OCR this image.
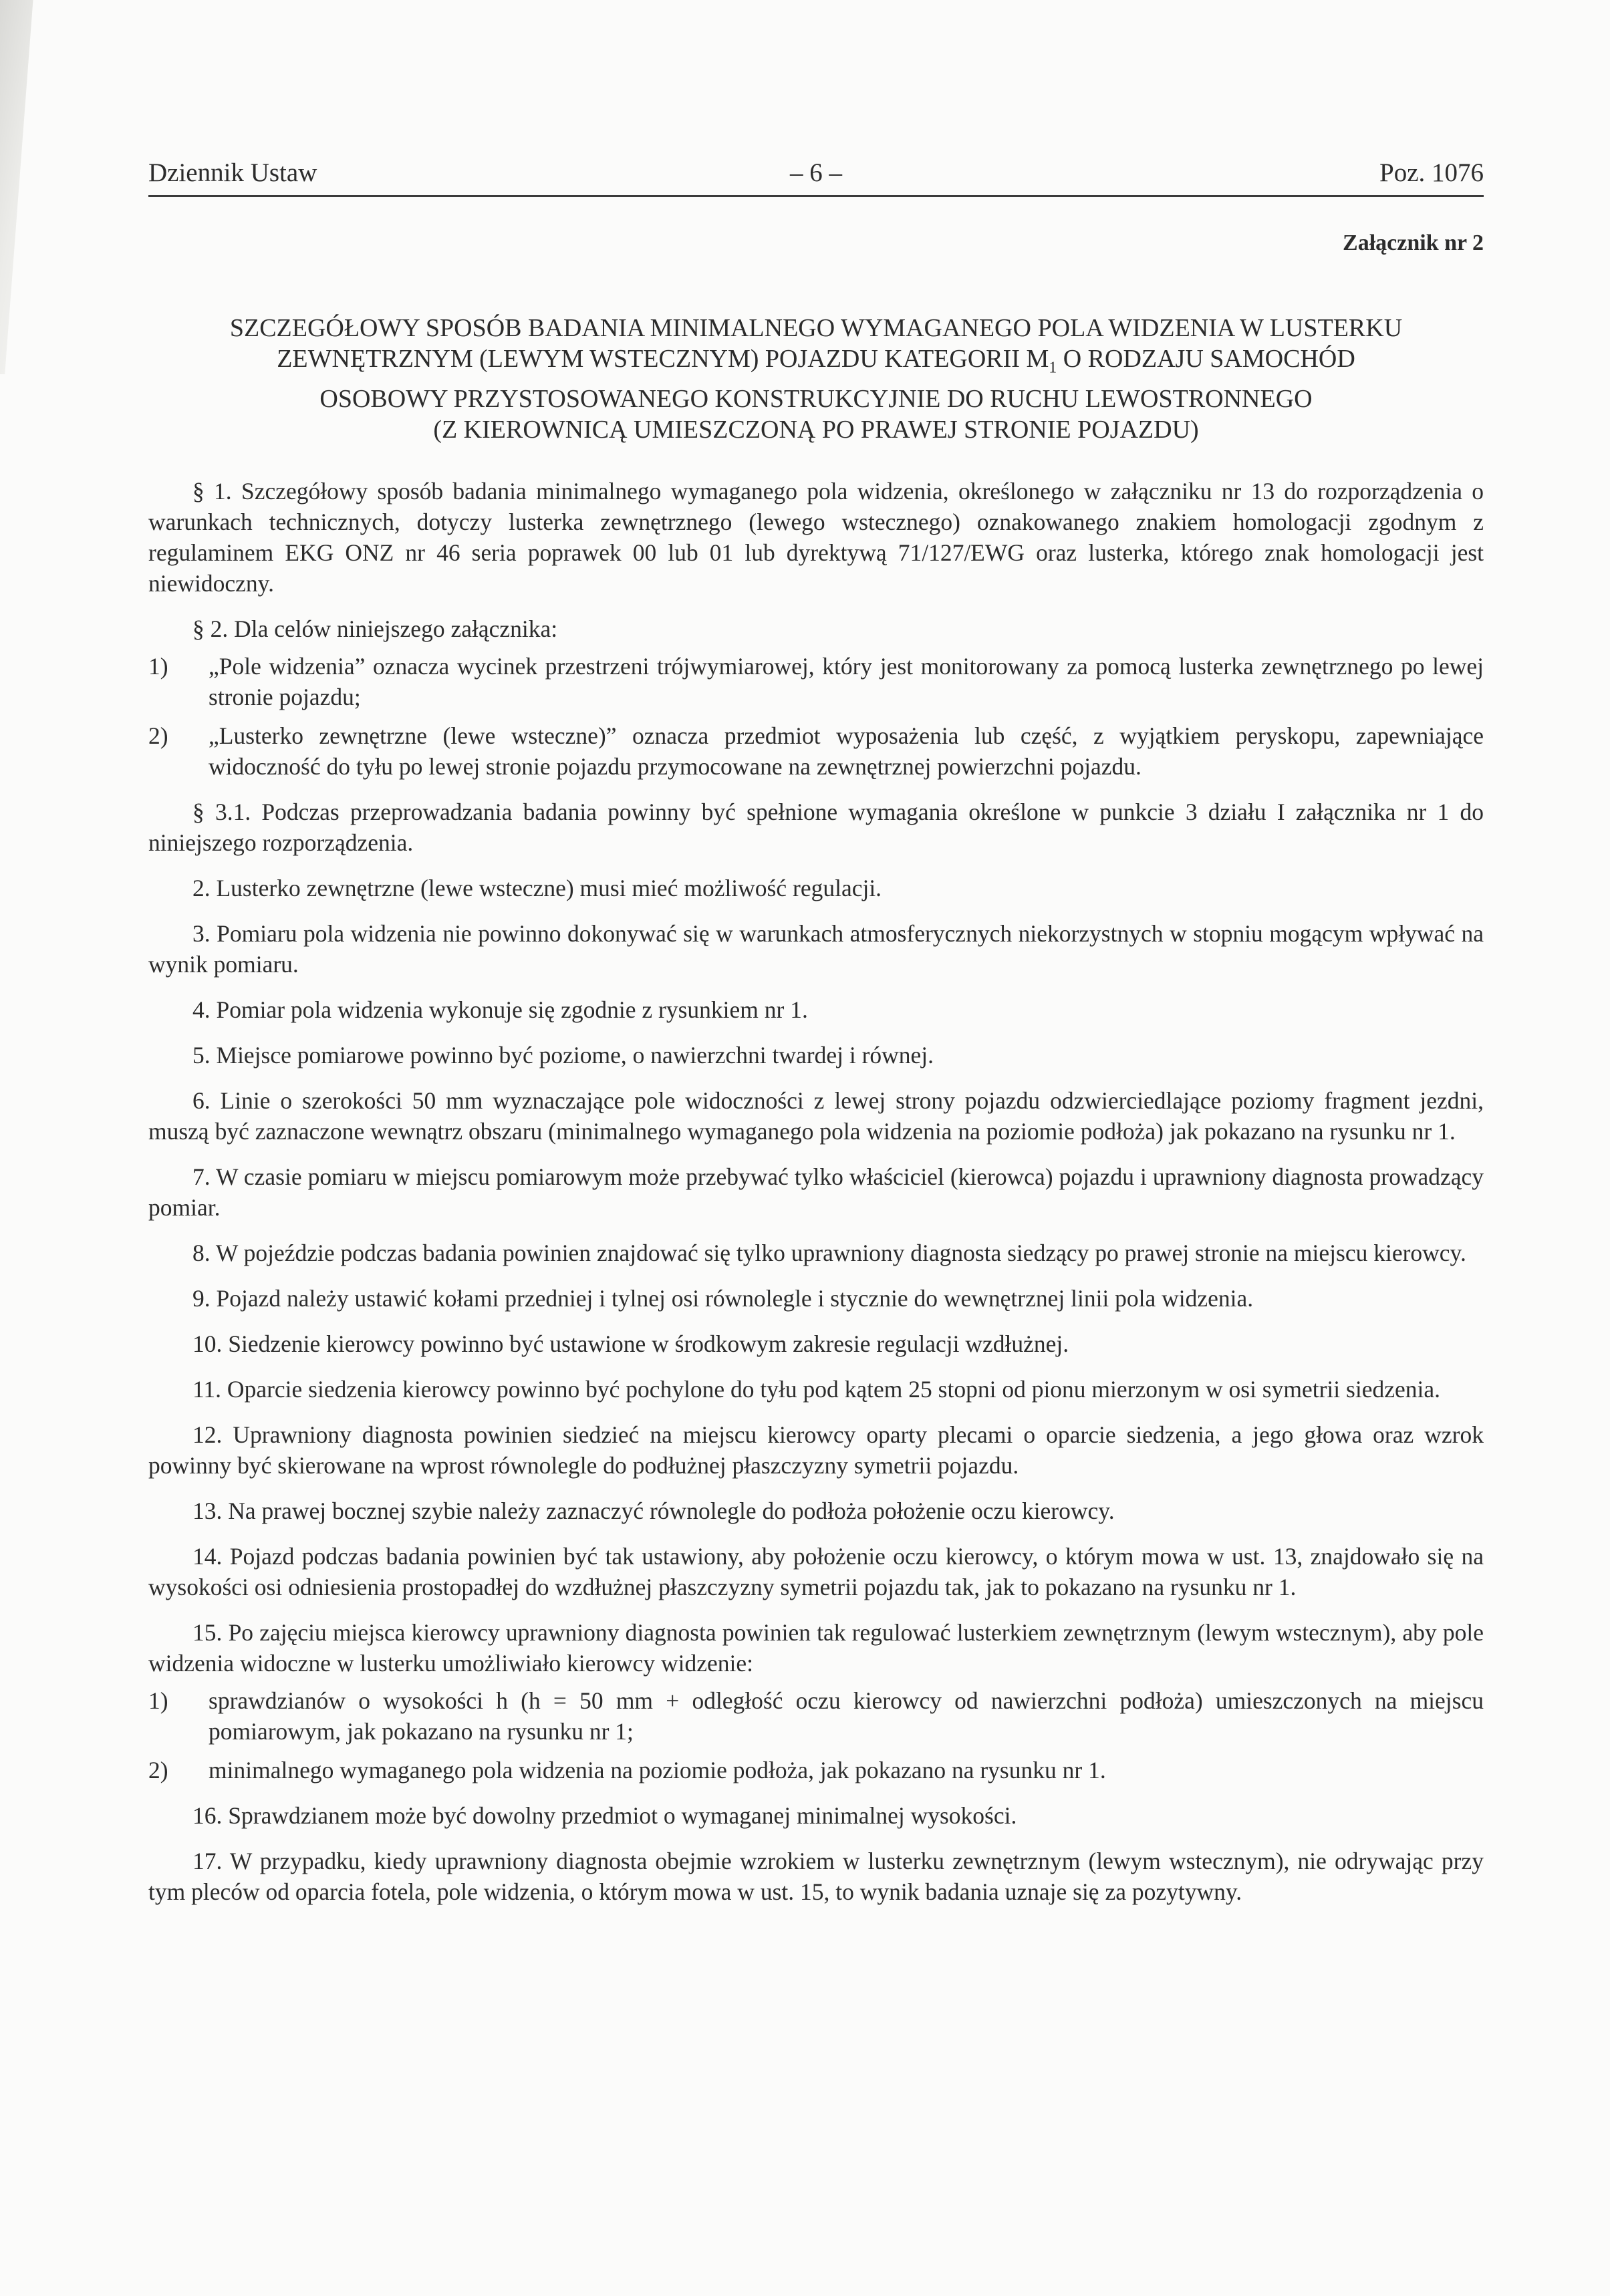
Dziennik Ustaw	– 6 –	Poz. 1076
Załącznik nr 2
SZCZEGÓŁOWY SPOSÓB BADANIA MINIMALNEGO WYMAGANEGO POLA WIDZENIA W LUSTERKU
ZEWNĘTRZNYM (LEWYM WSTECZNYM) POJAZDU KATEGORII $M_1$ O RODZAJU SAMOCHÓD
OSOBOWY PRZYSTOSOWANEGO KONSTRUKCYJNIE DO RUCHU LEWOSTRONNEGO
(Z KIEROWNICĄ UMIESZCZONĄ PO PRAWEJ STRONIE POJAZDU)

§ 1. Szczegółowy sposób badania minimalnego wymaganego pola widzenia, określonego w załączniku nr 13 do rozporządzenia o warunkach technicznych, dotyczy lusterka zewnętrznego (lewego wstecznego) oznakowanego znakiem homologacji zgodnym z regulaminem EKG ONZ nr 46 seria poprawek 00 lub 01 lub dyrektywą 71/127/EWG oraz lusterka, którego znak homologacji jest niewidoczny.

§ 2. Dla celów niniejszego załącznika:

1)	„Pole widzenia” oznacza wycinek przestrzeni trójwymiarowej, który jest monitorowany za pomocą lusterka zewnętrznego po lewej stronie pojazdu;
2)	„Lusterko zewnętrzne (lewe wsteczne)” oznacza przedmiot wyposażenia lub część, z wyjątkiem peryskopu, zapewniające widoczność do tyłu po lewej stronie pojazdu przymocowane na zewnętrznej powierzchni pojazdu.

§ 3.1. Podczas przeprowadzania badania powinny być spełnione wymagania określone w punkcie 3 działu I załącznika nr 1 do niniejszego rozporządzenia.

2. Lusterko zewnętrzne (lewe wsteczne) musi mieć możliwość regulacji.

3. Pomiaru pola widzenia nie powinno dokonywać się w warunkach atmosferycznych niekorzystnych w stopniu mogącym wpływać na wynik pomiaru.

4. Pomiar pola widzenia wykonuje się zgodnie z rysunkiem nr 1.

5. Miejsce pomiarowe powinno być poziome, o nawierzchni twardej i równej.

6. Linie o szerokości 50 mm wyznaczające pole widoczności z lewej strony pojazdu odzwierciedlające poziomy fragment jezdni, muszą być zaznaczone wewnątrz obszaru (minimalnego wymaganego pola widzenia na poziomie podłoża) jak pokazano na rysunku nr 1.

7. W czasie pomiaru w miejscu pomiarowym może przebywać tylko właściciel (kierowca) pojazdu i uprawniony diagnosta prowadzący pomiar.

8. W pojeździe podczas badania powinien znajdować się tylko uprawniony diagnosta siedzący po prawej stronie na miejscu kierowcy.

9. Pojazd należy ustawić kołami przedniej i tylnej osi równolegle i stycznie do wewnętrznej linii pola widzenia.

10. Siedzenie kierowcy powinno być ustawione w środkowym zakresie regulacji wzdłużnej.

11. Oparcie siedzenia kierowcy powinno być pochylone do tyłu pod kątem 25 stopni od pionu mierzonym w osi symetrii siedzenia.

12. Uprawniony diagnosta powinien siedzieć na miejscu kierowcy oparty plecami o oparcie siedzenia, a jego głowa oraz wzrok powinny być skierowane na wprost równolegle do podłużnej płaszczyzny symetrii pojazdu.

13. Na prawej bocznej szybie należy zaznaczyć równolegle do podłoża położenie oczu kierowcy.

14. Pojazd podczas badania powinien być tak ustawiony, aby położenie oczu kierowcy, o którym mowa w ust. 13, znajdowało się na wysokości osi odniesienia prostopadłej do wzdłużnej płaszczyzny symetrii pojazdu tak, jak to pokazano na rysunku nr 1.

15. Po zajęciu miejsca kierowcy uprawniony diagnosta powinien tak regulować lusterkiem zewnętrznym (lewym wstecznym), aby pole widzenia widoczne w lusterku umożliwiało kierowcy widzenie:

1)	sprawdzianów o wysokości h (h = 50 mm + odległość oczu kierowcy od nawierzchni podłoża) umieszczonych na miejscu pomiarowym, jak pokazano na rysunku nr 1;
2)	minimalnego wymaganego pola widzenia na poziomie podłoża, jak pokazano na rysunku nr 1.

16. Sprawdzianem może być dowolny przedmiot o wymaganej minimalnej wysokości.

17. W przypadku, kiedy uprawniony diagnosta obejmie wzrokiem w lusterku zewnętrznym (lewym wstecznym), nie odrywając przy tym pleców od oparcia fotela, pole widzenia, o którym mowa w ust. 15, to wynik badania uznaje się za pozytywny.
